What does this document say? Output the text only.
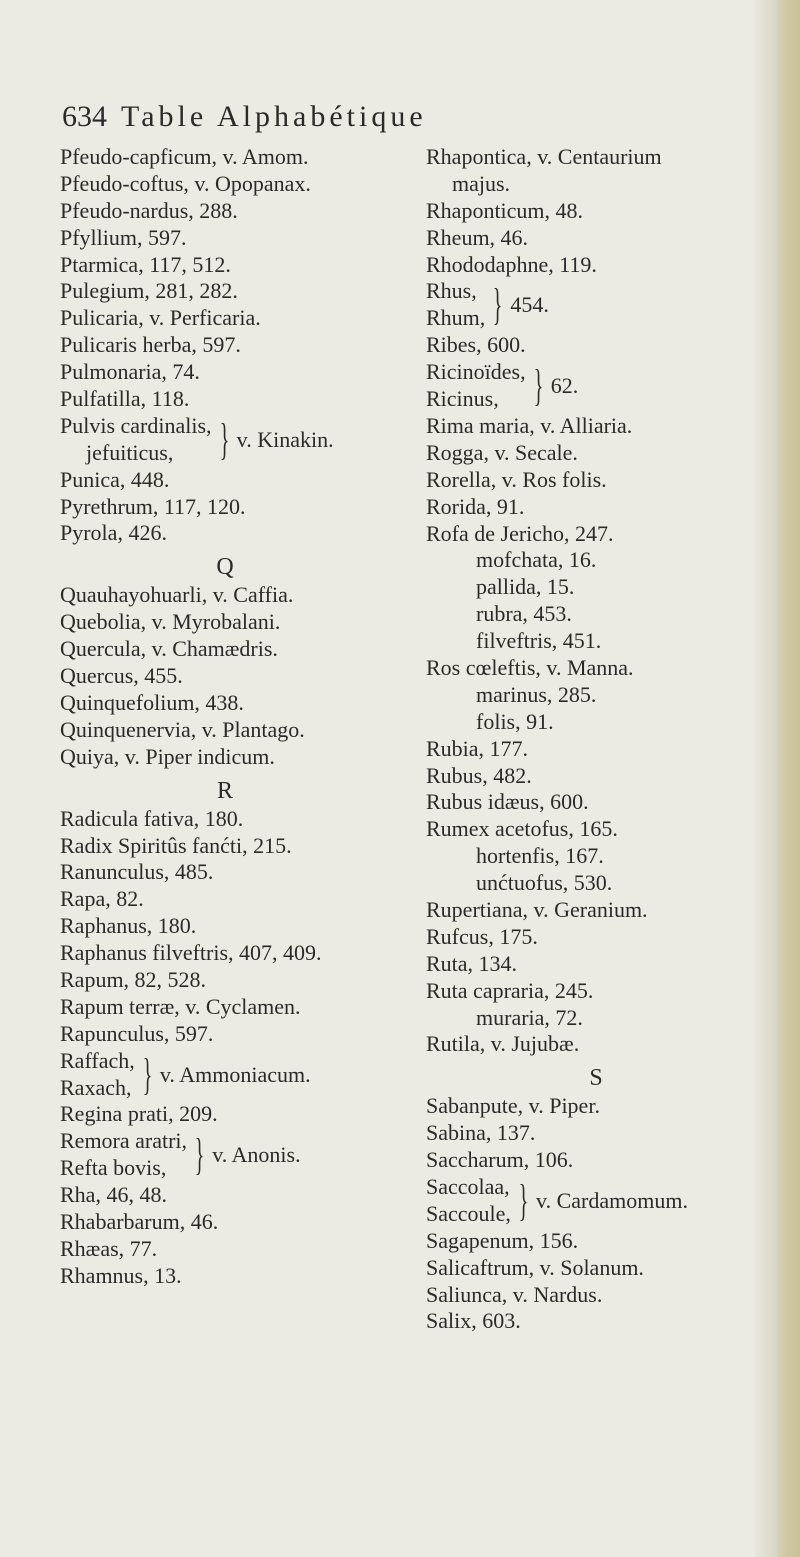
634 Table Alphabétique
Pfeudo-capficum, v. Amom.
Pfeudo-coftus, v. Opopanax.
Pfeudo-nardus, 288.
Pfyllium, 597.
Ptarmica, 117, 512.
Pulegium, 281, 282.
Pulicaria, v. Perficaria.
Pulicaris herba, 597.
Pulmonaria, 74.
Pulfatilla, 118.
Pulvis cardinalis,
jefuiticus,	} v. Kinakin.
Punica, 448.
Pyrethrum, 117, 120.
Pyrola, 426.
Q
Quauhayohuarli, v. Caffia.
Quebolia, v. Myrobalani.
Quercula, v. Chamædris.
Quercus, 455.
Quinquefolium, 438.
Quinquenervia, v. Plantago.
Quiya, v. Piper indicum.
R
Radicula fativa, 180.
Radix Spiritûs fanćti, 215.
Ranunculus, 485.
Rapa, 82.
Raphanus, 180.
Raphanus filveftris, 407, 409.
Rapum, 82, 528.
Rapum terræ, v. Cyclamen.
Rapunculus, 597.
Raffach,
Raxach, } v. Ammoniacum.
Regina prati, 209.
Remora aratri,
Refta bovis, } v. Anonis.
Rha, 46, 48.
Rhabarbarum, 46.
Rhæas, 77.
Rhamnus, 13.
Rhapontica, v. Centaurium
majus.
Rhaponticum, 48.
Rheum, 46.
Rhododaphne, 119.
Rhus,
Rhum, } 454.
Ribes, 600.
Ricinoïdes,
Ricinus, } 62.
Rima maria, v. Alliaria.
Rogga, v. Secale.
Rorella, v. Ros folis.
Rorida, 91.
Rofa de Jericho, 247.
mofchata, 16.
pallida, 15.
rubra, 453.
filveftris, 451.
Ros cœleftis, v. Manna.
marinus, 285.
folis, 91.
Rubia, 177.
Rubus, 482.
Rubus idæus, 600.
Rumex acetofus, 165.
hortenfis, 167.
unćtuofus, 530.
Rupertiana, v. Geranium.
Rufcus, 175.
Ruta, 134.
Ruta capraria, 245.
muraria, 72.
Rutila, v. Jujubæ.
S
Sabanpute, v. Piper.
Sabina, 137.
Saccharum, 106.
Saccolaa,
Saccoule, } v. Cardamomum.
Sagapenum, 156.
Salicaftrum, v. Solanum.
Saliunca, v. Nardus.
Salix, 603.
